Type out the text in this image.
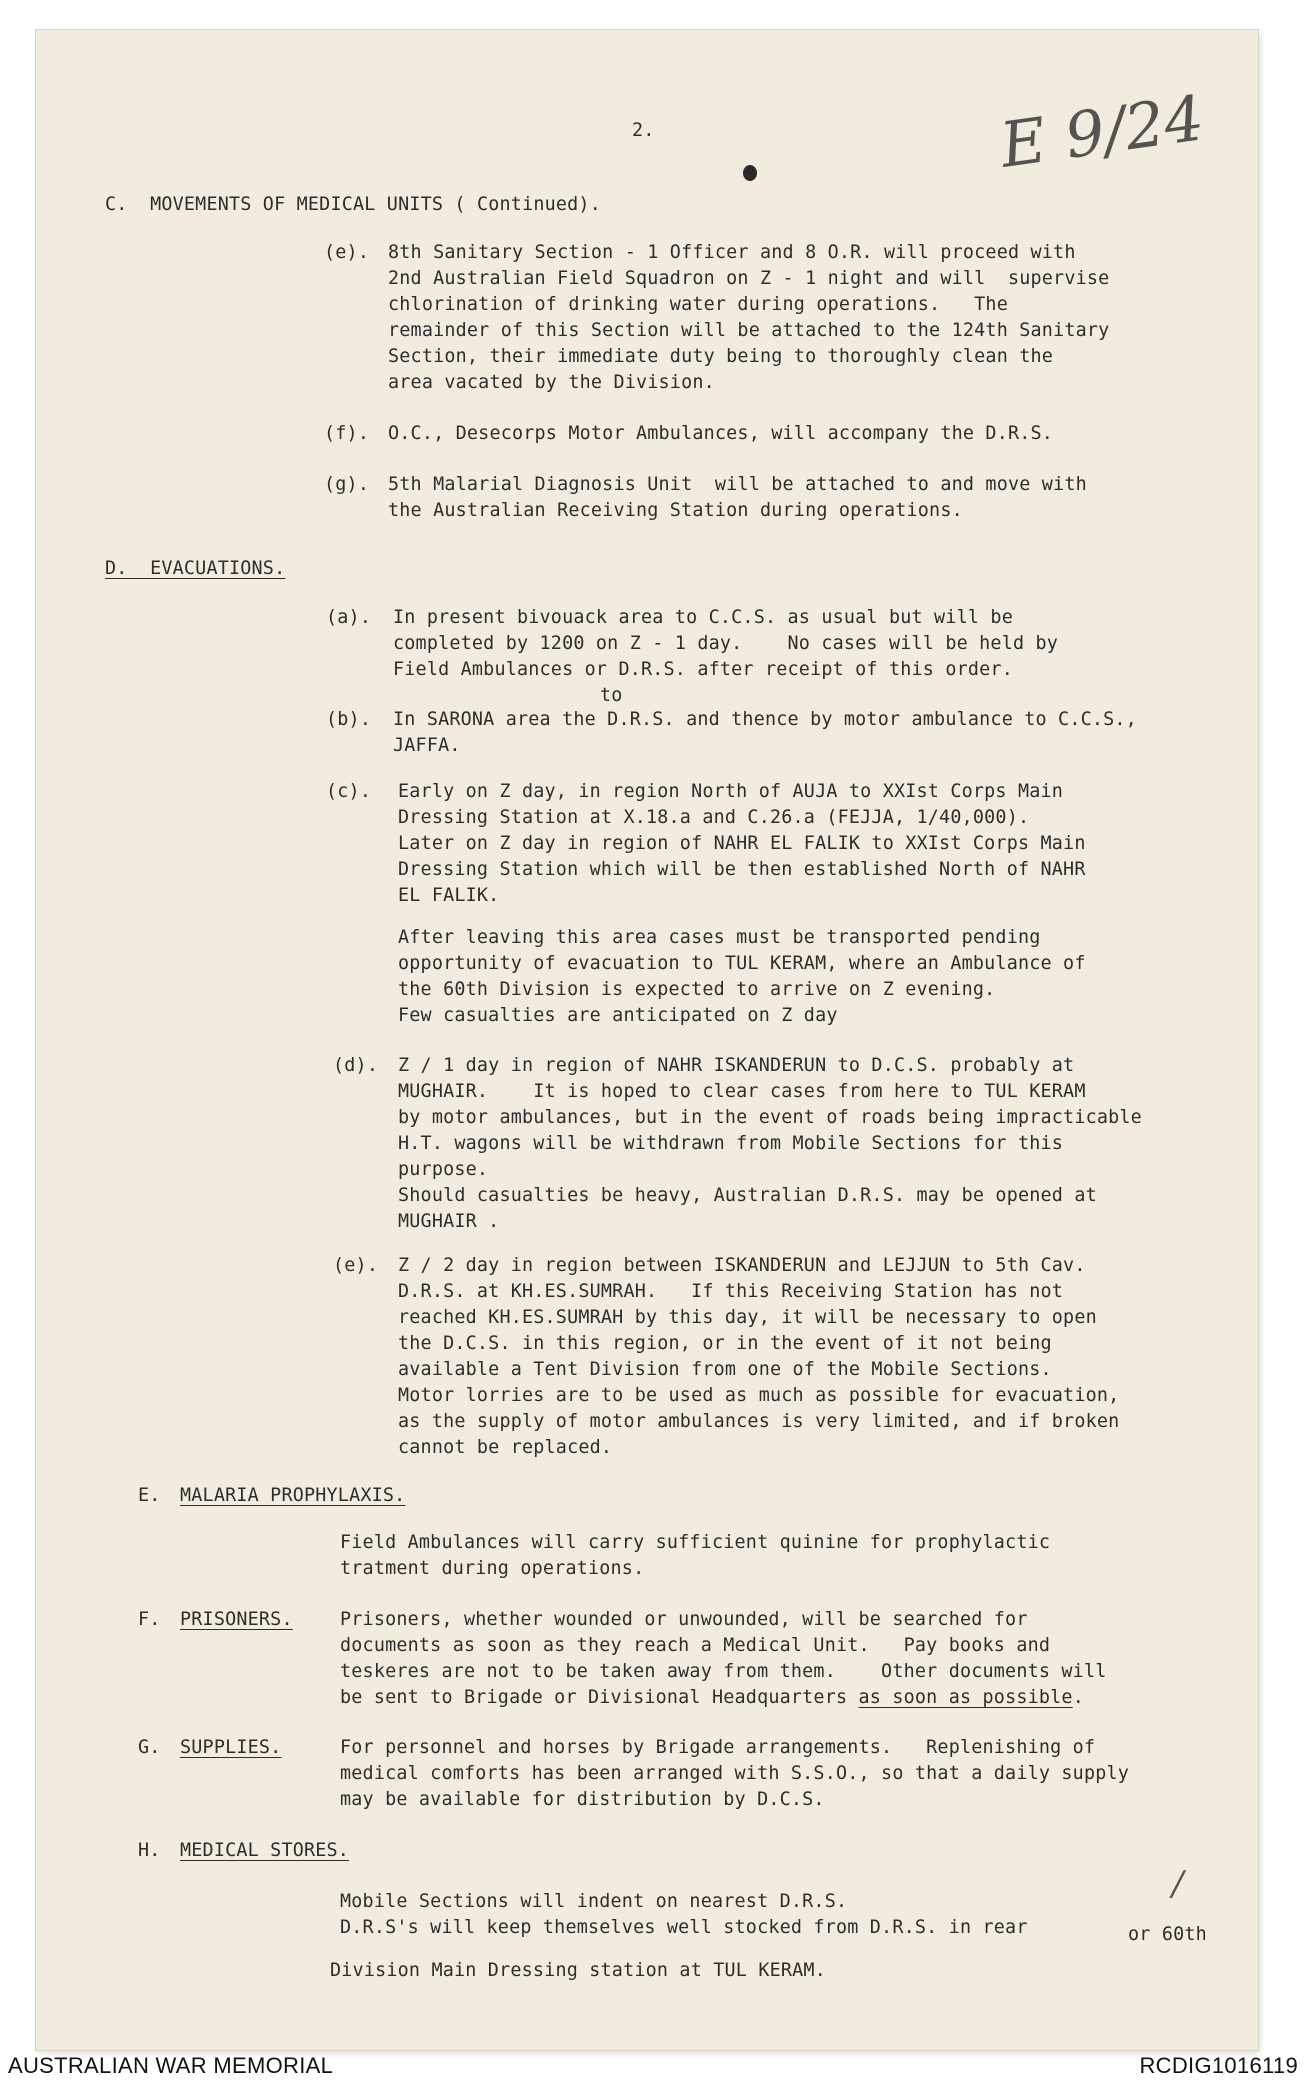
2.	E 9/24
C.  MOVEMENTS OF MEDICAL UNITS ( Continued).
(e). 8th Sanitary Section - 1 Officer and 8 O.R. will proceed with
2nd Australian Field Squadron on Z - 1 night and will  supervise
chlorination of drinking water during operations.   The
remainder of this Section will be attached to the 124th Sanitary
Section, their immediate duty being to thoroughly clean the
area vacated by the Division.
(f). O.C., Desecorps Motor Ambulances, will accompany the D.R.S.
(g). 5th Malarial Diagnosis Unit  will be attached to and move with
the Australian Receiving Station during operations.
D.  EVACUATIONS.
(a). In present bivouack area to C.C.S. as usual but will be
completed by 1200 on Z - 1 day.    No cases will be held by
Field Ambulances or D.R.S. after receipt of this order.
to
(b). In SARONA area the D.R.S. and thence by motor ambulance to C.C.S.,
JAFFA.
(c). Early on Z day, in region North of AUJA to XXIst Corps Main
Dressing Station at X.18.a and C.26.a (FEJJA, 1/40,000).
Later on Z day in region of NAHR EL FALIK to XXIst Corps Main
Dressing Station which will be then established North of NAHR
EL FALIK.
After leaving this area cases must be transported pending
opportunity of evacuation to TUL KERAM, where an Ambulance of
the 60th Division is expected to arrive on Z evening.
Few casualties are anticipated on Z day
(d). Z / 1 day in region of NAHR ISKANDERUN to D.C.S. probably at
MUGHAIR.    It is hoped to clear cases from here to TUL KERAM
by motor ambulances, but in the event of roads being impracticable
H.T. wagons will be withdrawn from Mobile Sections for this
purpose.
Should casualties be heavy, Australian D.R.S. may be opened at
MUGHAIR .
(e). Z / 2 day in region between ISKANDERUN and LEJJUN to 5th Cav.
D.R.S. at KH.ES.SUMRAH.   If this Receiving Station has not
reached KH.ES.SUMRAH by this day, it will be necessary to open
the D.C.S. in this region, or in the event of it not being
available a Tent Division from one of the Mobile Sections.
Motor lorries are to be used as much as possible for evacuation,
as the supply of motor ambulances is very limited, and if broken
cannot be replaced.
E. MALARIA PROPHYLAXIS.
Field Ambulances will carry sufficient quinine for prophylactic
tratment during operations.
F. PRISONERS.	Prisoners, whether wounded or unwounded, will be searched for
documents as soon as they reach a Medical Unit.   Pay books and
teskeres are not to be taken away from them.    Other documents will
be sent to Brigade or Divisional Headquarters as soon as possible.
G. SUPPLIES.	For personnel and horses by Brigade arrangements.   Replenishing of
medical comforts has been arranged with S.S.O., so that a daily supply
may be available for distribution by D.C.S.
H. MEDICAL STORES.
/
Mobile Sections will indent on nearest D.R.S.
D.R.S's will keep themselves well stocked from D.R.S. in rear	or 60th
Division Main Dressing station at TUL KERAM.
AUSTRALIAN WAR MEMORIAL	RCDIG1016119
